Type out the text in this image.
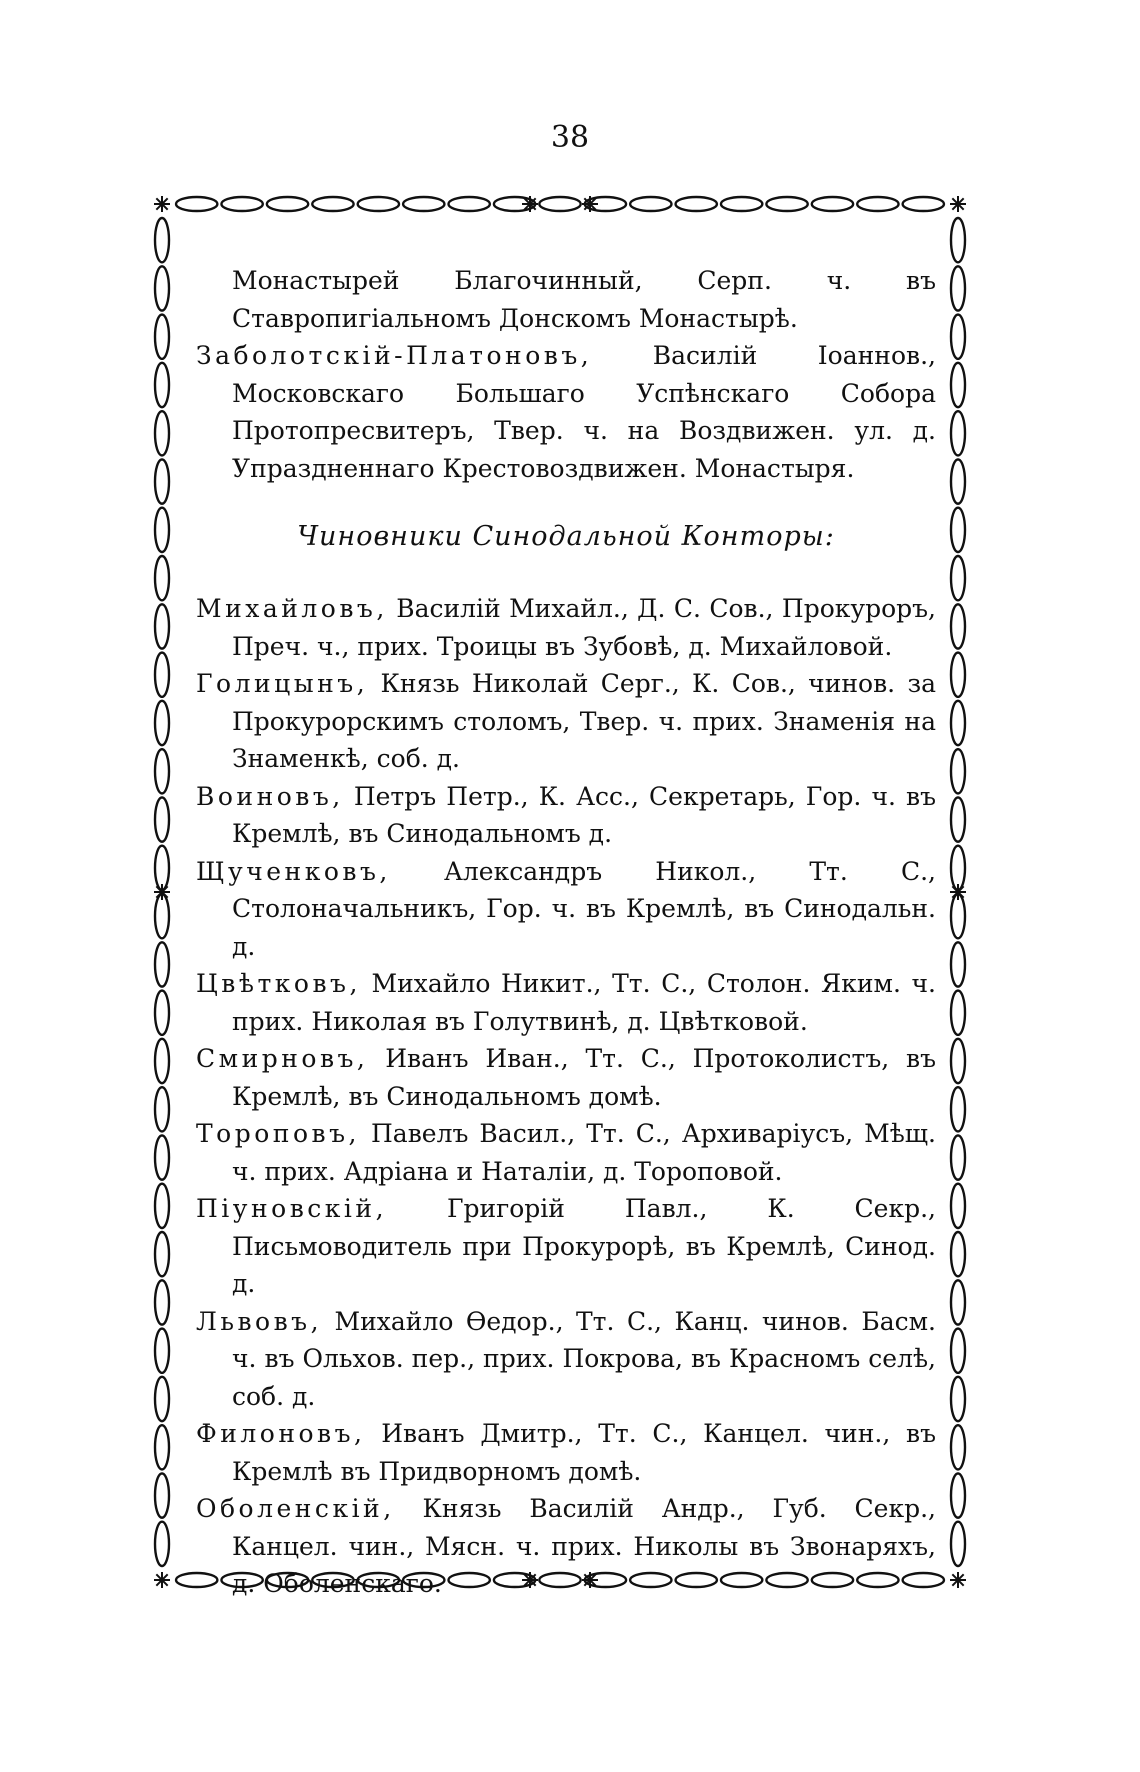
38

Монастырей Благочинный, Серп. ч. въ Ставропигіальномъ Донскомъ Монастырѣ.

Заболотскій-Платоновъ, Василій Іоаннов., Московскаго Большаго Успѣнскаго Собора Протопресвитеръ, Твер. ч. на Воздвижен. ул. д. Упраздненнаго Крестовоздвижен. Монастыря.

Чиновники Синодальной Конторы:

Михайловъ, Василій Михайл., Д. С. Сов., Прокуроръ, Преч. ч., прих. Троицы въ Зубовѣ, д. Михайловой.

Голицынъ, Князь Николай Серг., К. Сов., чинов. за Прокурорскимъ столомъ, Твер. ч. прих. Знаменія на Знаменкѣ, соб. д.

Воиновъ, Петръ Петр., К. Асс., Секретарь, Гор. ч. въ Кремлѣ, въ Синодальномъ д.

Щученковъ, Александръ Никол., Тт. С., Столоначальникъ, Гор. ч. въ Кремлѣ, въ Синодальн. д.

Цвѣтковъ, Михайло Никит., Тт. С., Столон. Яким. ч. прих. Николая въ Голутвинѣ, д. Цвѣтковой.

Смирновъ, Иванъ Иван., Тт. С., Протоколистъ, въ Кремлѣ, въ Синодальномъ домѣ.

Тороповъ, Павелъ Васил., Тт. С., Архиваріусъ, Мѣщ. ч. прих. Адріана и Наталіи, д. Тороповой.

Піуновскій, Григорій Павл., К. Секр., Письмоводитель при Прокурорѣ, въ Кремлѣ, Синод. д.

Львовъ, Михайло Өедор., Тт. С., Канц. чинов. Басм. ч. въ Ольхов. пер., прих. Покрова, въ Красномъ селѣ, соб. д.

Филоновъ, Иванъ Дмитр., Тт. С., Канцел. чин., въ Кремлѣ въ Придворномъ домѣ.

Оболенскій, Князь Василій Андр., Губ. Секр., Канцел. чин., Мясн. ч. прих. Николы въ Звонаряхъ, д. Оболенскаго.
